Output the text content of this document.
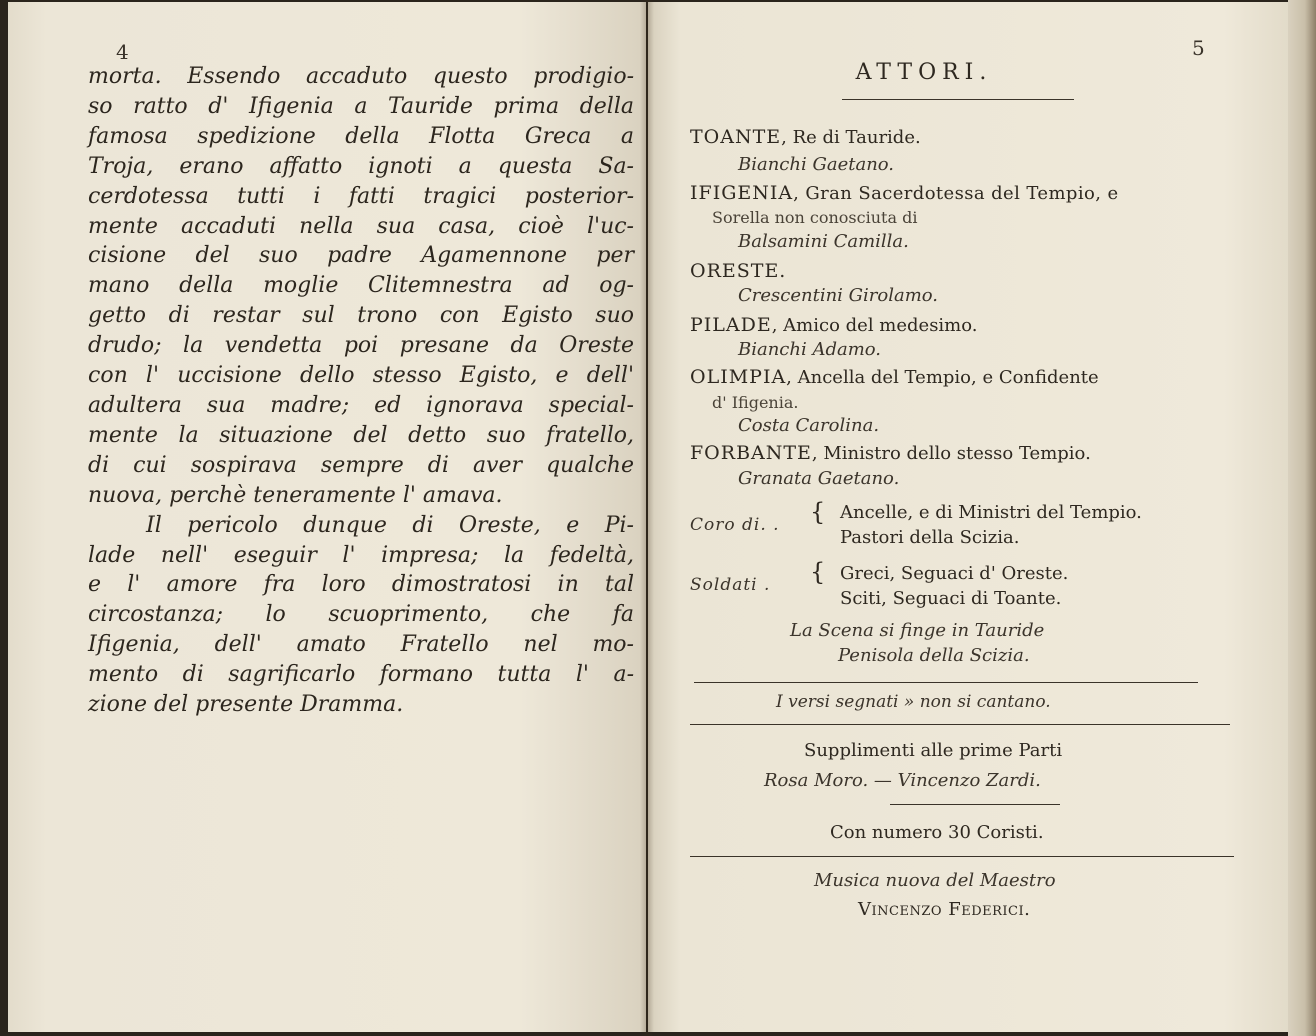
4
morta. Essendo accaduto questo prodigio-
so ratto d' Ifigenia a Tauride prima della
famosa spedizione della Flotta Greca a
Troja, erano affatto ignoti a questa Sa-
cerdotessa tutti i fatti tragici posterior-
mente accaduti nella sua casa, cioè l'uc-
cisione del suo padre Agamennone per
mano della moglie Clitemnestra ad og-
getto di restar sul trono con Egisto suo
drudo; la vendetta poi presane da Oreste
con l' uccisione dello stesso Egisto, e dell'
adultera sua madre; ed ignorava special-
mente la situazione del detto suo fratello,
di cui sospirava sempre di aver qualche
nuova, perchè teneramente l' amava.
Il pericolo dunque di Oreste, e Pi-
lade nell' eseguir l' impresa; la fedeltà,
e l' amore fra loro dimostratosi in tal
circostanza; lo scuoprimento, che fa
Ifigenia, dell' amato Fratello nel mo-
mento di sagrificarlo formano tutta l' a-
zione del presente Dramma.
5
ATTORI.
TOANTE, Re di Tauride.
Bianchi Gaetano.
IFIGENIA, Gran Sacerdotessa del Tempio, e
Sorella non conosciuta di
Balsamini Camilla.
ORESTE.
Crescentini Girolamo.
PILADE, Amico del medesimo.
Bianchi Adamo.
OLIMPIA, Ancella del Tempio, e Confidente
d' Ifigenia.
Costa Carolina.
FORBANTE, Ministro dello stesso Tempio.
Granata Gaetano.
Coro di. . { Ancelle, e di Ministri del Tempio.
Pastori della Scizia.
Soldati . { Greci, Seguaci d' Oreste.
Sciti, Seguaci di Toante.
La Scena si finge in Tauride
Penisola della Scizia.
I versi segnati » non si cantano.
Supplimenti alle prime Parti
Rosa Moro. — Vincenzo Zardi.
Con numero 30 Coristi.
Musica nuova del Maestro
Vincenzo Federici.
